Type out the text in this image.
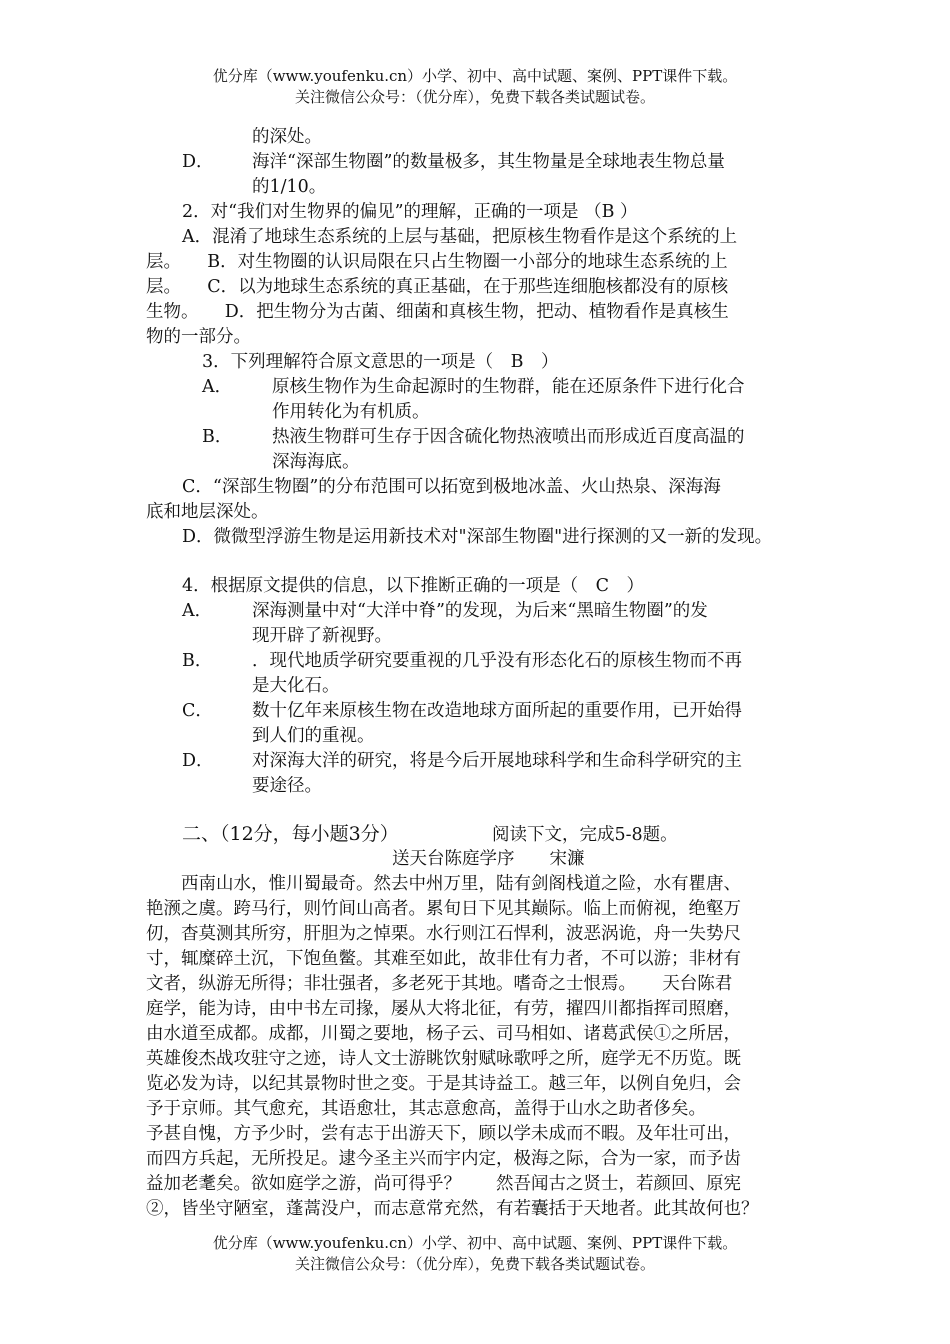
优分库（www.youfenku.cn）小学、初中、高中试题、案例、PPT课件下载。
关注微信公众号：（优分库），免费下载各类试题试卷。
的深处。
D． 海洋“深部生物圈”的数量极多，其生物量是全球地表生物总量
的1/10。
2．对“我们对生物界的偏见”的理解，正确的一项是 （B ）
A．混淆了地球生态系统的上层与基础，把原核生物看作是这个系统的上
层。　　B．对生物圈的认识局限在只占生物圈一小部分的地球生态系统的上
层。　　C．以为地球生态系统的真正基础，在于那些连细胞核都没有的原核
生物。　　D．把生物分为古菌、细菌和真核生物，把动、植物看作是真核生
物的一部分。
3．下列理解符合原文意思的一项是（　B　）
A． 原核生物作为生命起源时的生物群，能在还原条件下进行化合
作用转化为有机质。
B． 热液生物群可生存于因含硫化物热液喷出而形成近百度高温的
深海海底。
C．“深部生物圈”的分布范围可以拓宽到极地冰盖、火山热泉、深海海
底和地层深处。
D．微微型浮游生物是运用新技术对"深部生物圈"进行探测的又一新的发现。
4．根据原文提供的信息，以下推断正确的一项是（　C　）
A． 深海测量中对“大洋中脊”的发现，为后来“黑暗生物圈”的发
现开辟了新视野。
B． ．现代地质学研究要重视的几乎没有形态化石的原核生物而不再
是大化石。
C． 数十亿年来原核生物在改造地球方面所起的重要作用，已开始得
到人们的重视。
D． 对深海大洋的研究，将是今后开展地球科学和生命科学研究的主
要途径。
二、（12分，每小题3分）	阅读下文，完成5-8题。
送天台陈庭学序　　宋濂
　　西南山水，惟川蜀最奇。然去中州万里，陆有剑阁栈道之险，水有瞿唐、
艳滪之虞。跨马行，则竹间山高者。累旬日下见其巅际。临上而俯视，绝壑万
仞，杳莫测其所穷，肝胆为之悼栗。水行则江石悍利，波恶涡诡，舟一失势尺
寸，辄糜碎土沉，下饱鱼鳖。其难至如此，故非仕有力者，不可以游；非材有
文者，纵游无所得；非壮强者，多老死于其地。嗜奇之士恨焉。　　天台陈君
庭学，能为诗，由中书左司掾，屡从大将北征，有劳，擢四川都指挥司照磨，
由水道至成都。成都，川蜀之要地，杨子云、司马相如、诸葛武侯①之所居，
英雄俊杰战攻驻守之迹，诗人文士游眺饮射赋咏歌呼之所，庭学无不历览。既
览必发为诗，以纪其景物时世之变。于是其诗益工。越三年，以例自免归，会
予于京师。其气愈充，其语愈壮，其志意愈高，盖得于山水之助者侈矣。
予甚自愧，方予少时，尝有志于出游天下，顾以学未成而不暇。及年壮可出，
而四方兵起，无所投足。逮今圣主兴而宇内定，极海之际，合为一家，而予齿
益加老耄矣。欲如庭学之游，尚可得乎？　　然吾闻古之贤士，若颜回、原宪
②，皆坐守陋室，蓬蒿没户，而志意常充然，有若囊括于天地者。此其故何也？
优分库（www.youfenku.cn）小学、初中、高中试题、案例、PPT课件下载。
关注微信公众号：（优分库），免费下载各类试题试卷。
